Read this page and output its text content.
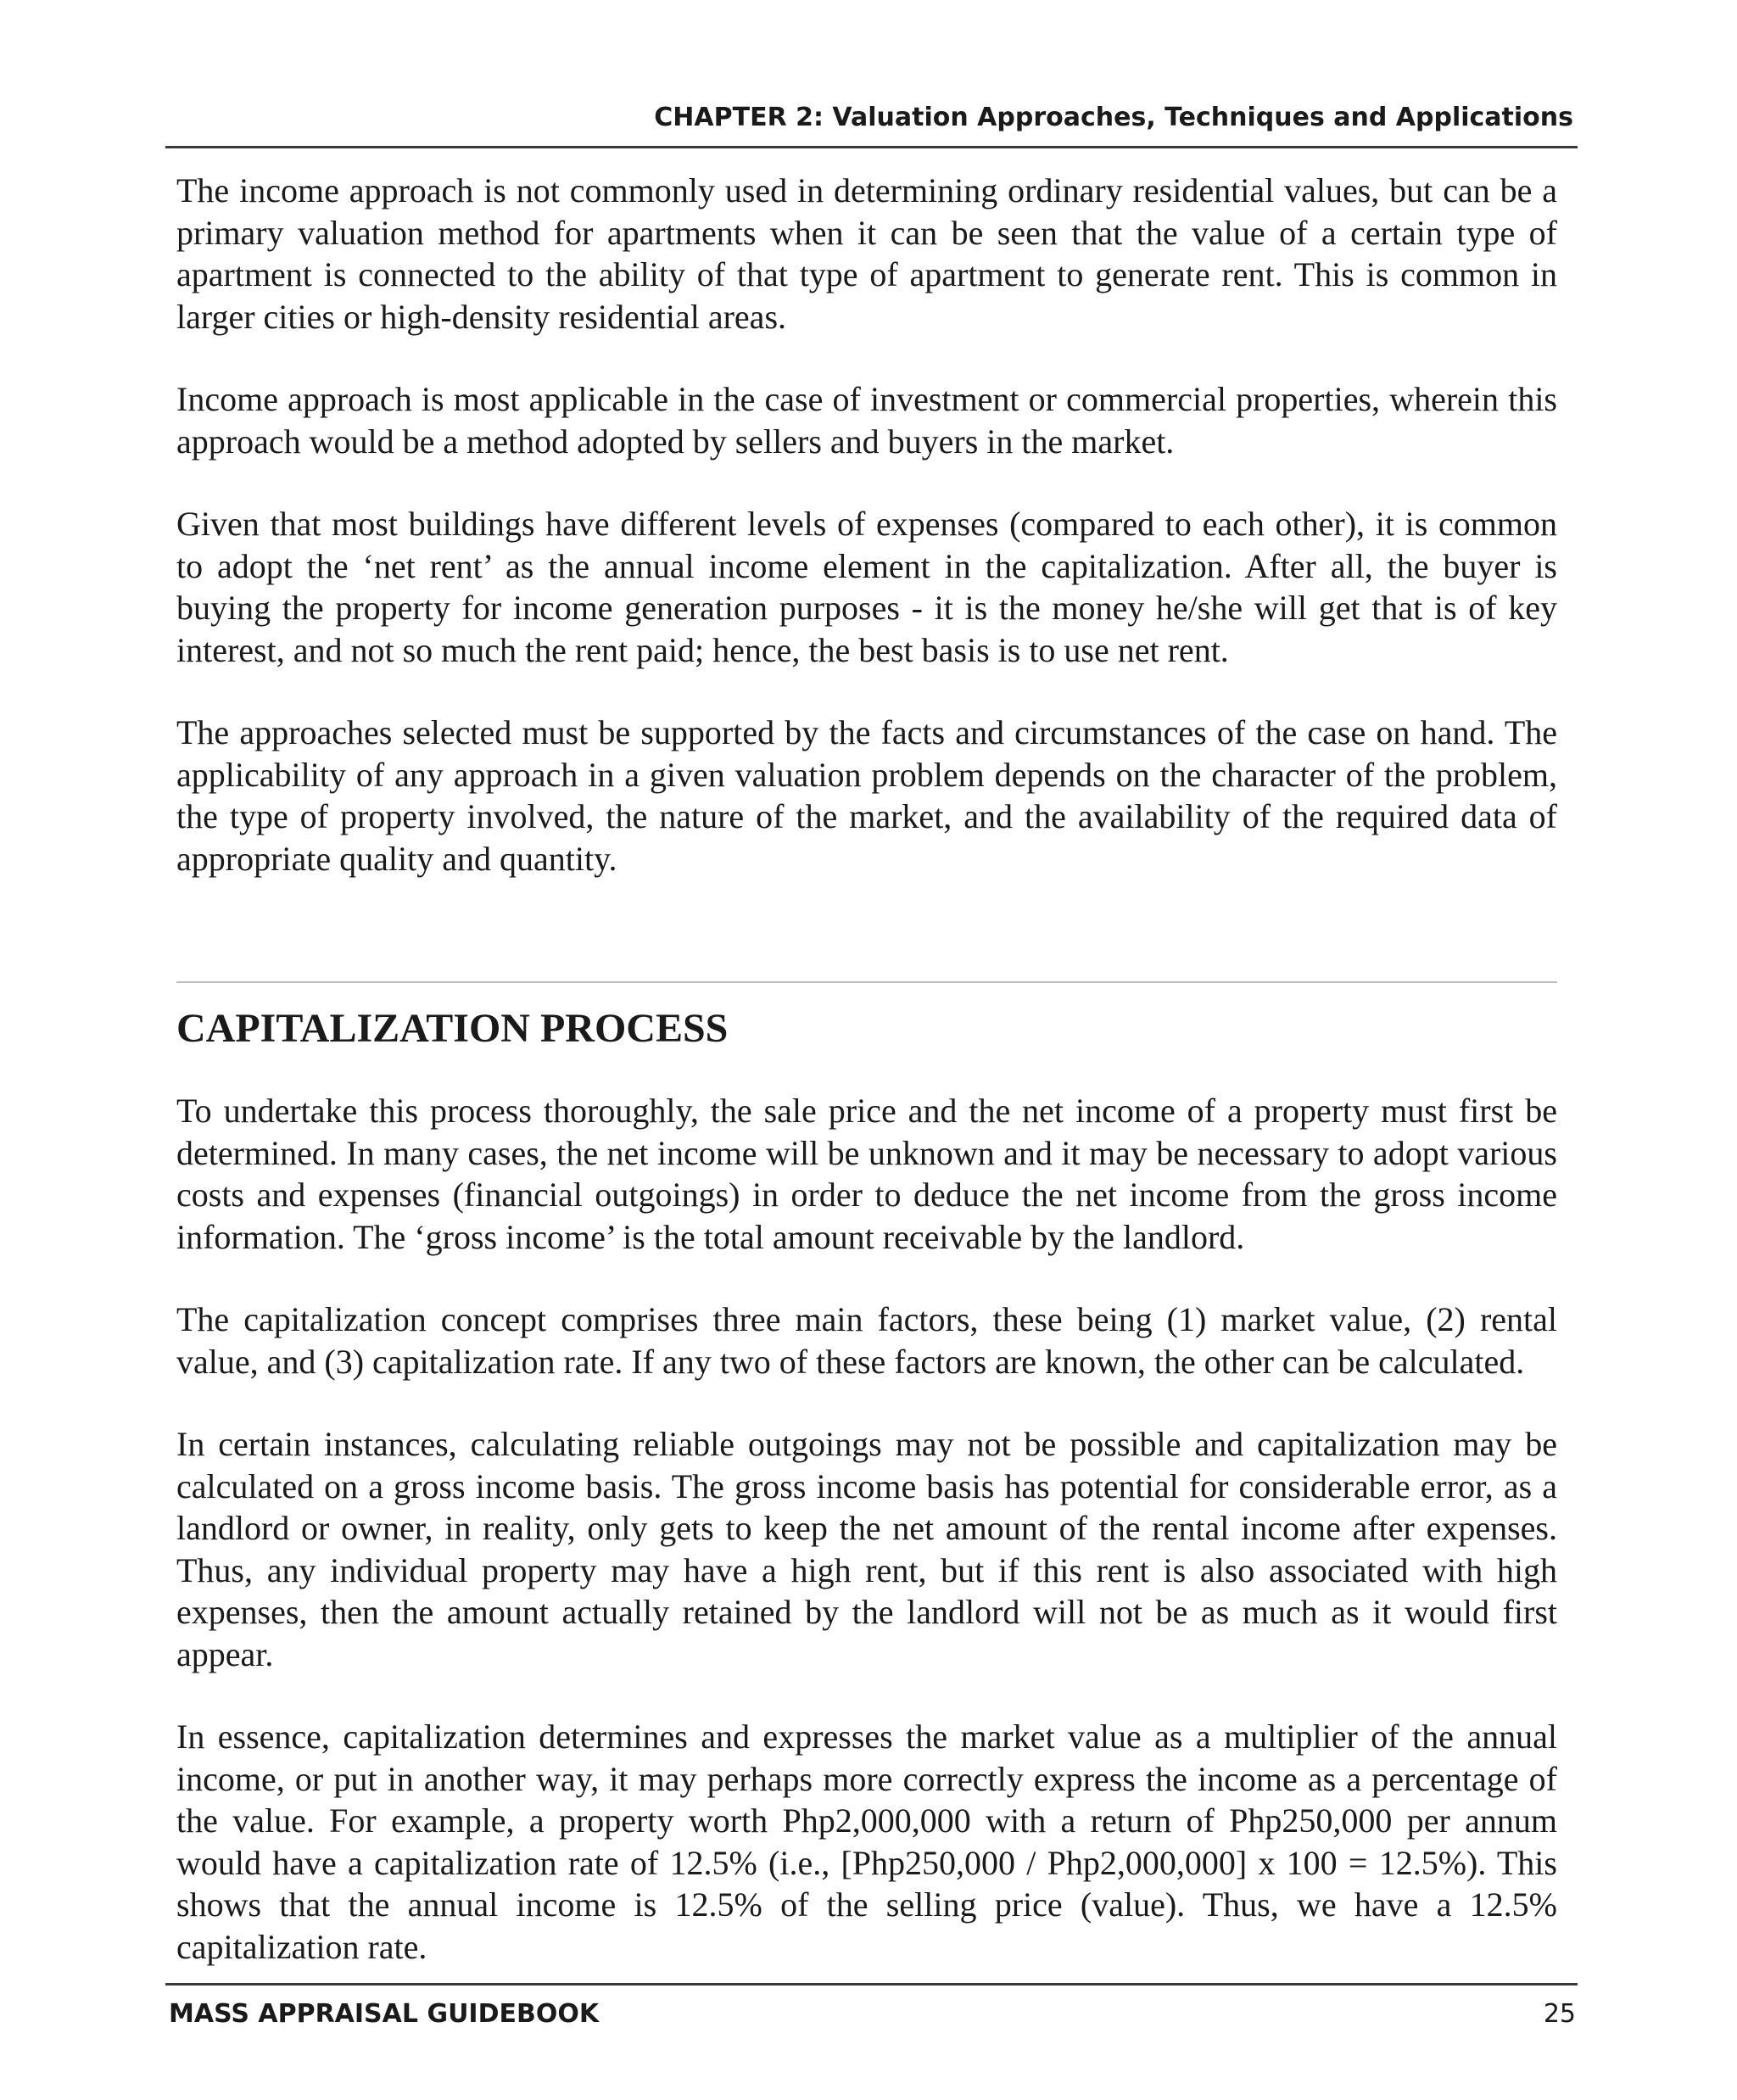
CHAPTER 2: Valuation Approaches, Techniques and Applications

The income approach is not commonly used in determining ordinary residential values, but can be a primary valuation method for apartments when it can be seen that the value of a certain type of apartment is connected to the ability of that type of apartment to generate rent. This is common in larger cities or high-density residential areas.

Income approach is most applicable in the case of investment or commercial properties, wherein this approach would be a method adopted by sellers and buyers in the market.

Given that most buildings have different levels of expenses (compared to each other), it is common to adopt the ‘net rent’ as the annual income element in the capitalization. After all, the buyer is buying the property for income generation purposes - it is the money he/she will get that is of key interest, and not so much the rent paid; hence, the best basis is to use net rent.

The approaches selected must be supported by the facts and circumstances of the case on hand. The applicability of any approach in a given valuation problem depends on the character of the problem, the type of property involved, the nature of the market, and the availability of the required data of appropriate quality and quantity.

CAPITALIZATION PROCESS

To undertake this process thoroughly, the sale price and the net income of a property must first be determined. In many cases, the net income will be unknown and it may be necessary to adopt various costs and expenses (financial outgoings) in order to deduce the net income from the gross income information. The ‘gross income’ is the total amount receivable by the landlord.

The capitalization concept comprises three main factors, these being (1) market value, (2) rental value, and (3) capitalization rate. If any two of these factors are known, the other can be calculated.

In certain instances, calculating reliable outgoings may not be possible and capitalization may be calculated on a gross income basis. The gross income basis has potential for considerable error, as a landlord or owner, in reality, only gets to keep the net amount of the rental income after expenses. Thus, any individual property may have a high rent, but if this rent is also associated with high expenses, then the amount actually retained by the landlord will not be as much as it would first appear.

In essence, capitalization determines and expresses the market value as a multiplier of the annual income, or put in another way, it may perhaps more correctly express the income as a percentage of the value. For example, a property worth Php2,000,000 with a return of Php250,000 per annum would have a capitalization rate of 12.5% (i.e., [Php250,000 / Php2,000,000] x 100 = 12.5%). This shows that the annual income is 12.5% of the selling price (value). Thus, we have a 12.5% capitalization rate.

MASS APPRAISAL GUIDEBOOK	25
